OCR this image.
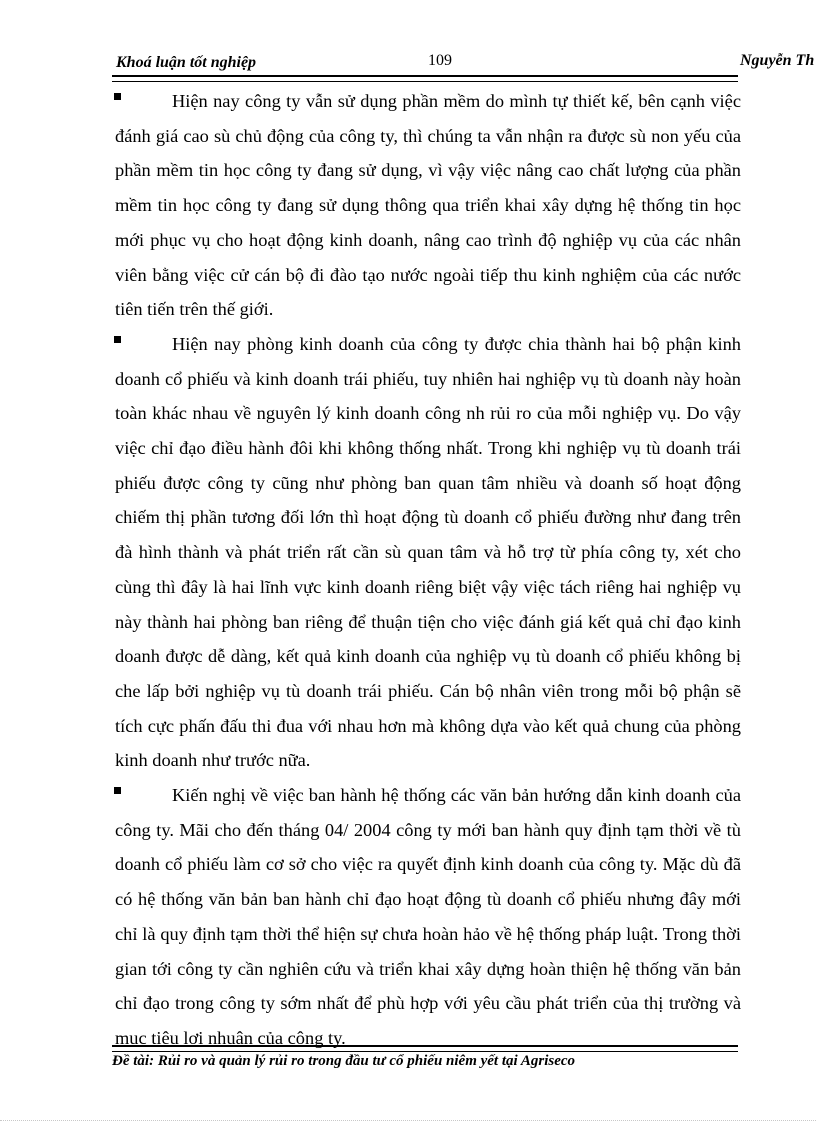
Khoá luận tốt nghiệp	109	Nguyễn Th

Hiện nay công ty vẫn sử dụng phần mềm do mình tự thiết kế, bên cạnh việc đánh giá cao sù chủ động của công ty, thì chúng ta vẫn nhận ra được sù non yếu của phần mềm tin học công ty đang sử dụng, vì vậy việc nâng cao chất lượng của phần mềm tin học công ty đang sử dụng thông qua triển khai xây dựng hệ thống tin học mới phục vụ cho hoạt động kinh doanh, nâng cao trình độ nghiệp vụ của các nhân viên bằng việc cử cán bộ đi đào tạo nước ngoài tiếp thu kinh nghiệm của các nước tiên tiến trên thế giới.

Hiện nay phòng kinh doanh của công ty được chia thành hai bộ phận kinh doanh cổ phiếu và kinh doanh trái phiếu, tuy nhiên hai nghiệp vụ tù doanh này hoàn toàn khác nhau về nguyên lý kinh doanh công nh rủi ro của mỗi nghiệp vụ. Do vậy việc chỉ đạo điều hành đôi khi không thống nhất. Trong khi nghiệp vụ tù doanh trái phiếu được công ty cũng như phòng ban quan tâm nhiều và doanh số hoạt động chiếm thị phần tương đối lớn thì hoạt động tù doanh cổ phiếu đường như đang trên đà hình thành và phát triển rất cần sù quan tâm và hỗ trợ từ phía công ty, xét cho cùng thì đây là hai lĩnh vực kinh doanh riêng biệt vậy việc tách riêng hai nghiệp vụ này thành hai phòng ban riêng để thuận tiện cho việc đánh giá kết quả chỉ đạo kinh doanh được dễ dàng, kết quả kinh doanh của nghiệp vụ tù doanh cổ phiếu không bị che lấp bởi nghiệp vụ tù doanh trái phiếu. Cán bộ nhân viên trong mỗi bộ phận sẽ tích cực phấn đấu thi đua với nhau hơn mà không dựa vào kết quả chung của phòng kinh doanh như trước nữa.

Kiến nghị về việc ban hành hệ thống các văn bản hướng dẫn kinh doanh của công ty. Mãi cho đến tháng 04/ 2004 công ty mới ban hành quy định tạm thời về tù doanh cổ phiếu làm cơ sở cho việc ra quyết định kinh doanh của công ty. Mặc dù đã có hệ thống văn bản ban hành chỉ đạo hoạt động tù doanh cổ phiếu nhưng đây mới chỉ là quy định tạm thời thể hiện sự chưa hoàn hảo về hệ thống pháp luật. Trong thời gian tới công ty cần nghiên cứu và triển khai xây dựng hoàn thiện hệ thống văn bản chỉ đạo trong công ty sớm nhất để phù hợp với yêu cầu phát triển của thị trường và mục tiêu lợi nhuận của công ty.

Đề tài: Rủi ro và quản lý rủi ro trong đầu tư cổ phiếu niêm yết tại Agriseco
